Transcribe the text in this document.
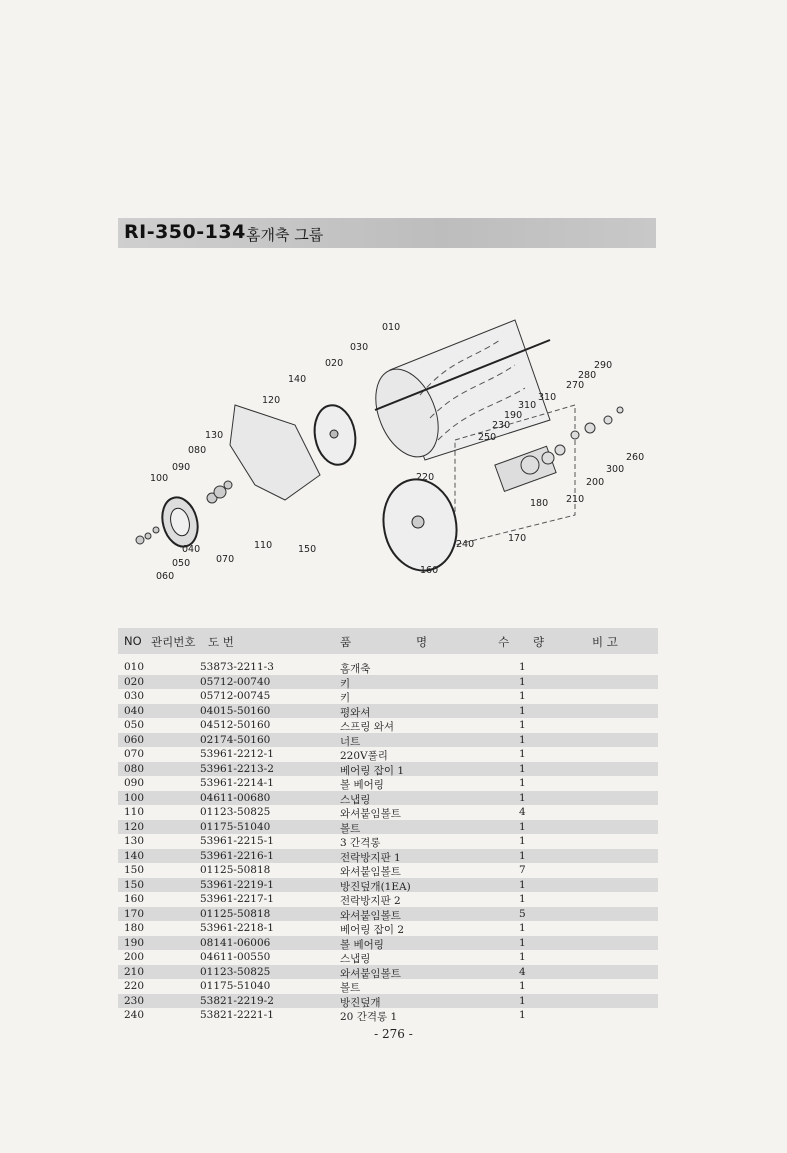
RI-350-134 홈개축 그룹
010
030
020
140
120
130
080
090
100
040
050
060
070
110	150
220
240
160
170
180 210
200
300
260
250
230
190
310
310
270
280
290
NO 관리번호 도 번	품	명	수 량	비 고
010	53873-2211-3	홈개축	1
020	05712-00740	키	1
030	05712-00745	키	1
040	04015-50160	평와셔	1
050	04512-50160	스프링 와셔	1
060	02174-50160	너트	1
070	53961-2212-1	220V풀리	1
080	53961-2213-2	베어링 잡이 1	1
090	53961-2214-1	볼 베어링	1
100	04611-00680	스냅링	1
110	01123-50825	와셔붙임볼트	4
120	01175-51040	볼트	1
130	53961-2215-1	3 간격롱	1
140	53961-2216-1	전락방지판 1	1
150	01125-50818	와셔붙임볼트	7
150	53961-2219-1	방진덮개(1EA)	1
160	53961-2217-1	전락방지판 2	1
170	01125-50818	와셔붙임볼트	5
180	53961-2218-1	베어링 잡이 2	1
190	08141-06006	볼 베어링	1
200	04611-00550	스냅링	1
210	01123-50825	와셔붙임볼트	4
220	01175-51040	볼트	1
230	53821-2219-2	방진덮개	1
240	53821-2221-1	20 간격롱 1	1
- 276 -
